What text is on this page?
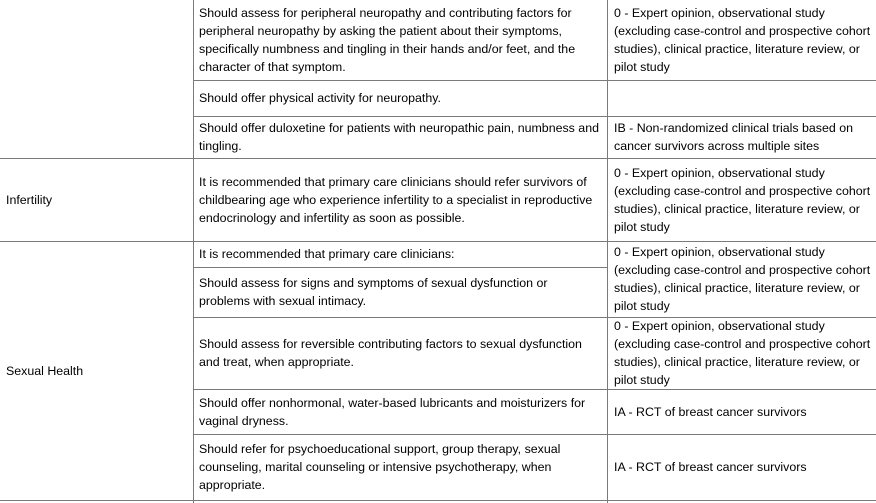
Should assess for peripheral neuropathy and contributing factors for peripheral neuropathy by asking the patient about their symptoms, specifically numbness and tingling in their hands and/or feet, and the character of that symptom.
0 - Expert opinion, observational study (excluding case-control and prospective cohort studies), clinical practice, literature review, or pilot study
Should offer physical activity for neuropathy.
Should offer duloxetine for patients with neuropathic pain, numbness and tingling.
IB - Non-randomized clinical trials based on cancer survivors across multiple sites
Infertility
It is recommended that primary care clinicians should refer survivors of childbearing age who experience infertility to a specialist in reproductive endocrinology and infertility as soon as possible.
0 - Expert opinion, observational study (excluding case-control and prospective cohort studies), clinical practice, literature review, or pilot study
Sexual Health
It is recommended that primary care clinicians:
Should assess for signs and symptoms of sexual dysfunction or problems with sexual intimacy.
0 - Expert opinion, observational study (excluding case-control and prospective cohort studies), clinical practice, literature review, or pilot study
Should assess for reversible contributing factors to sexual dysfunction and treat, when appropriate.
0 - Expert opinion, observational study (excluding case-control and prospective cohort studies), clinical practice, literature review, or pilot study
Should offer nonhormonal, water-based lubricants and moisturizers for vaginal dryness.
IA - RCT of breast cancer survivors
Should refer for psychoeducational support, group therapy, sexual counseling, marital counseling or intensive psychotherapy, when appropriate.
IA - RCT of breast cancer survivors
